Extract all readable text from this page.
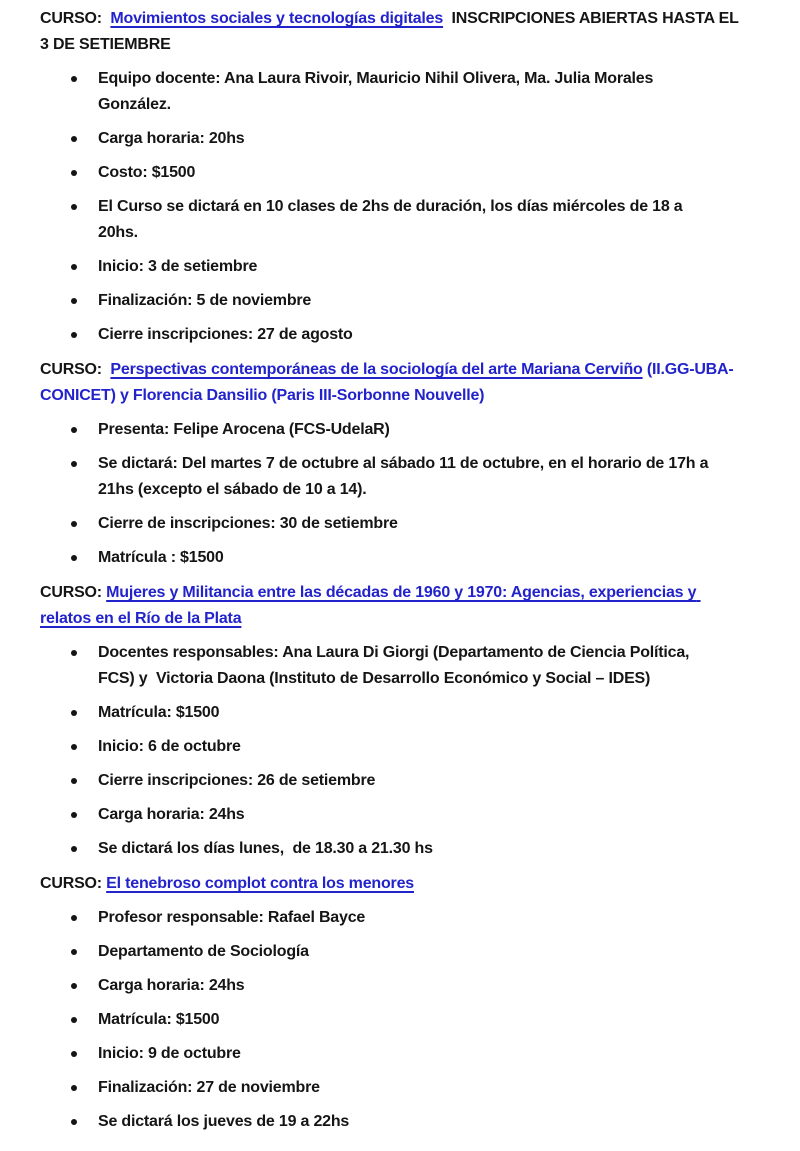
CURSO:  Movimientos sociales y tecnologías digitales  INSCRIPCIONES ABIERTAS HASTA EL 3 DE SETIEMBRE

Equipo docente: Ana Laura Rivoir, Mauricio Nihil Olivera, Ma. Julia Morales González.
Carga horaria: 20hs
Costo: $1500
El Curso se dictará en 10 clases de 2hs de duración, los días miércoles de 18 a 20hs.
Inicio: 3 de setiembre
Finalización: 5 de noviembre
Cierre inscripciones: 27 de agosto

CURSO:  Perspectivas contemporáneas de la sociología del arte Mariana Cerviño (II.GG-UBA-CONICET) y Florencia Dansilio (Paris III-Sorbonne Nouvelle)

Presenta: Felipe Arocena (FCS-UdelaR)
Se dictará: Del martes 7 de octubre al sábado 11 de octubre, en el horario de 17h a 21hs (excepto el sábado de 10 a 14).
Cierre de inscripciones: 30 de setiembre
Matrícula : $1500

CURSO: Mujeres y Militancia entre las décadas de 1960 y 1970: Agencias, experiencias y relatos en el Río de la Plata

Docentes responsables: Ana Laura Di Giorgi (Departamento de Ciencia Política, FCS) y  Victoria Daona (Instituto de Desarrollo Económico y Social – IDES)
Matrícula: $1500
Inicio: 6 de octubre
Cierre inscripciones: 26 de setiembre
Carga horaria: 24hs
Se dictará los días lunes,  de 18.30 a 21.30 hs

CURSO: El tenebroso complot contra los menores

Profesor responsable: Rafael Bayce
Departamento de Sociología
Carga horaria: 24hs
Matrícula: $1500
Inicio: 9 de octubre
Finalización: 27 de noviembre
Se dictará los jueves de 19 a 22hs
